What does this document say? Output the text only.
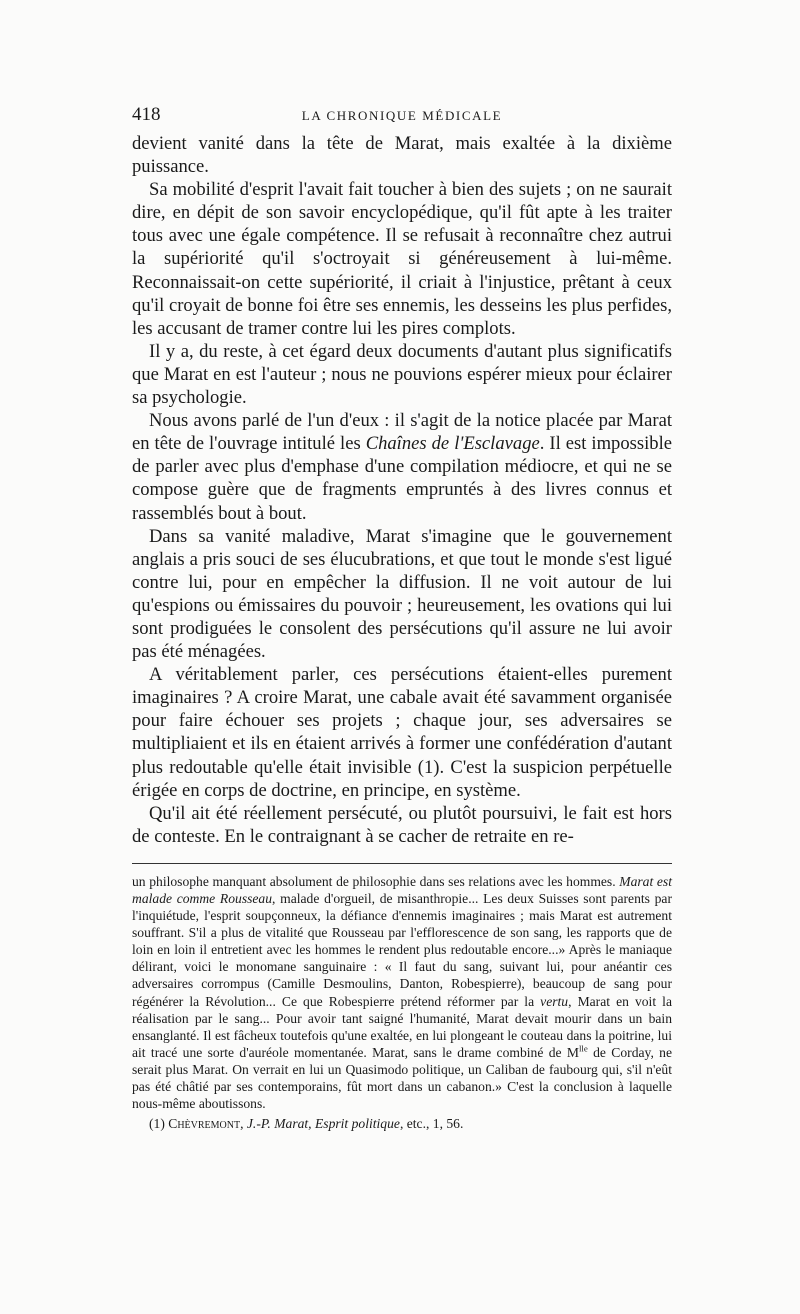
418	LA CHRONIQUE MÉDICALE

devient vanité dans la tête de Marat, mais exaltée à la dixième puissance.

Sa mobilité d'esprit l'avait fait toucher à bien des sujets ; on ne saurait dire, en dépit de son savoir encyclopédique, qu'il fût apte à les traiter tous avec une égale compétence. Il se refusait à reconnaître chez autrui la supériorité qu'il s'octroyait si généreusement à lui-même. Reconnaissait-on cette supériorité, il criait à l'injustice, prêtant à ceux qu'il croyait de bonne foi être ses ennemis, les desseins les plus perfides, les accusant de tramer contre lui les pires complots.

Il y a, du reste, à cet égard deux documents d'autant plus significatifs que Marat en est l'auteur ; nous ne pouvions espérer mieux pour éclairer sa psychologie.

Nous avons parlé de l'un d'eux : il s'agit de la notice placée par Marat en tête de l'ouvrage intitulé les Chaînes de l'Esclavage. Il est impossible de parler avec plus d'emphase d'une compilation médiocre, et qui ne se compose guère que de fragments empruntés à des livres connus et rassemblés bout à bout.

Dans sa vanité maladive, Marat s'imagine que le gouvernement anglais a pris souci de ses élucubrations, et que tout le monde s'est ligué contre lui, pour en empêcher la diffusion. Il ne voit autour de lui qu'espions ou émissaires du pouvoir ; heureusement, les ovations qui lui sont prodiguées le consolent des persécutions qu'il assure ne lui avoir pas été ménagées.

A véritablement parler, ces persécutions étaient-elles purement imaginaires ? A croire Marat, une cabale avait été savamment organisée pour faire échouer ses projets ; chaque jour, ses adversaires se multipliaient et ils en étaient arrivés à former une confédération d'autant plus redoutable qu'elle était invisible (1). C'est la suspicion perpétuelle érigée en corps de doctrine, en principe, en système.

Qu'il ait été réellement persécuté, ou plutôt poursuivi, le fait est hors de conteste. En le contraignant à se cacher de retraite en re-

un philosophe manquant absolument de philosophie dans ses relations avec les hommes. Marat est malade comme Rousseau, malade d'orgueil, de misanthropie... Les deux Suisses sont parents par l'inquiétude, l'esprit soupçonneux, la défiance d'ennemis imaginaires ; mais Marat est autrement souffrant. S'il a plus de vitalité que Rousseau par l'efflorescence de son sang, les rapports que de loin en loin il entretient avec les hommes le rendent plus redoutable encore...» Après le maniaque délirant, voici le monomane sanguinaire : « Il faut du sang, suivant lui, pour anéantir ces adversaires corrompus (Camille Desmoulins, Danton, Robespierre), beaucoup de sang pour régénérer la Révolution... Ce que Robespierre prétend réformer par la vertu, Marat en voit la réalisation par le sang... Pour avoir tant saigné l'humanité, Marat devait mourir dans un bain ensanglanté. Il est fâcheux toutefois qu'une exaltée, en lui plongeant le couteau dans la poitrine, lui ait tracé une sorte d'auréole momentanée. Marat, sans le drame combiné de $M^{lle}$ de Corday, ne serait plus Marat. On verrait en lui un Quasimodo politique, un Caliban de faubourg qui, s'il n'eût pas été châtié par ses contemporains, fût mort dans un cabanon.» C'est la conclusion à laquelle nous-même aboutissons.

(1) Chèvremont, J.-P. Marat, Esprit politique, etc., 1, 56.
